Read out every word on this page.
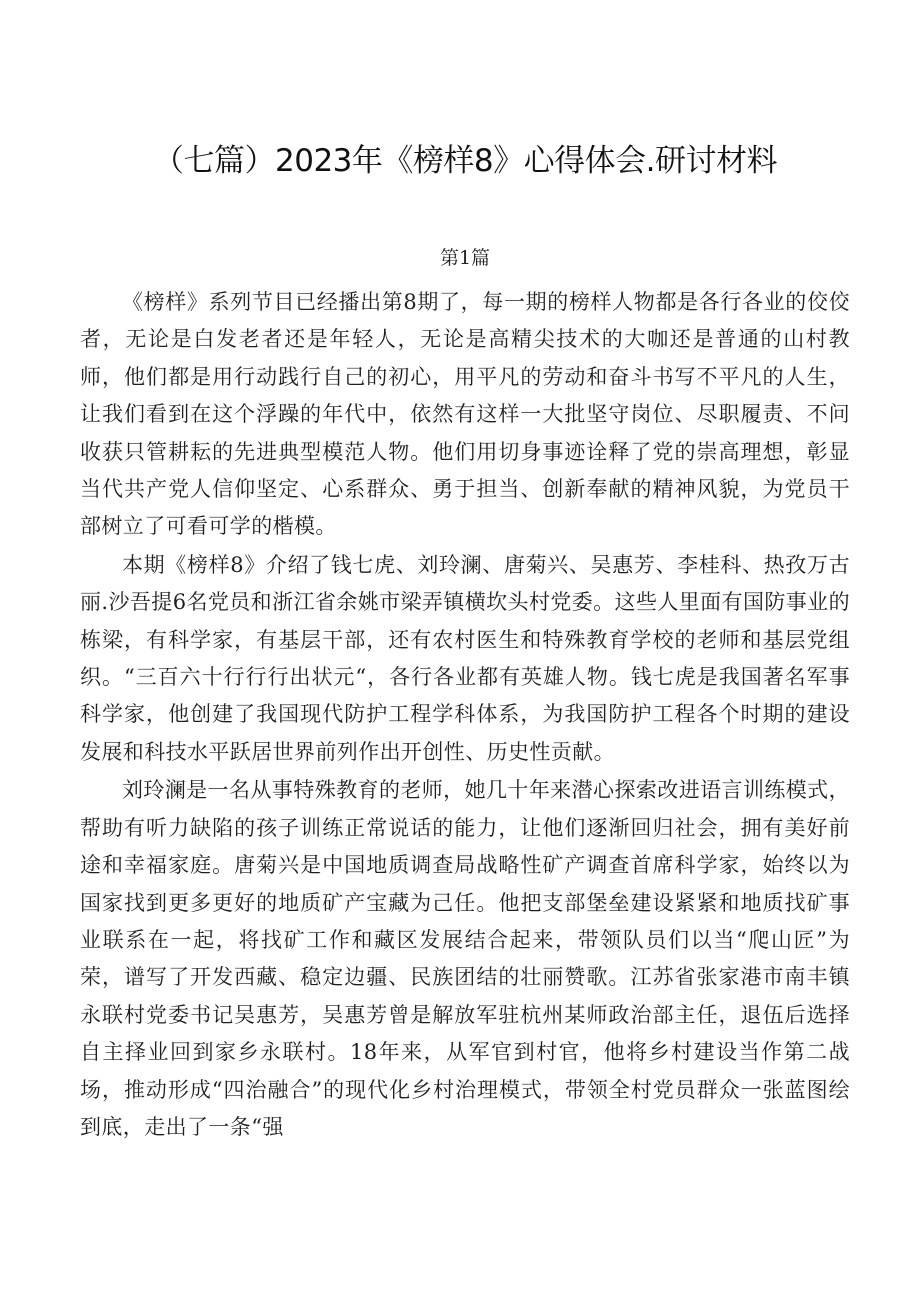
（七篇）2023年《榜样8》心得体会.研讨材料
第1篇

《榜样》系列节目已经播出第8期了，每一期的榜样人物都是各行各业的佼佼者，无论是白发老者还是年轻人，无论是高精尖技术的大咖还是普通的山村教师，他们都是用行动践行自己的初心，用平凡的劳动和奋斗书写不平凡的人生，让我们看到在这个浮躁的年代中，依然有这样一大批坚守岗位、尽职履责、不问收获只管耕耘的先进典型模范人物。他们用切身事迹诠释了党的崇高理想，彰显当代共产党人信仰坚定、心系群众、勇于担当、创新奉献的精神风貌，为党员干部树立了可看可学的楷模。

本期《榜样8》介绍了钱七虎、刘玲澜、唐菊兴、吴惠芳、李桂科、热孜万古丽.沙吾提6名党员和浙江省余姚市梁弄镇横坎头村党委。这些人里面有国防事业的栋梁，有科学家，有基层干部，还有农村医生和特殊教育学校的老师和基层党组织。“三百六十行行行出状元“，各行各业都有英雄人物。钱七虎是我国著名军事科学家，他创建了我国现代防护工程学科体系，为我国防护工程各个时期的建设发展和科技水平跃居世界前列作出开创性、历史性贡献。

刘玲澜是一名从事特殊教育的老师，她几十年来潜心探索改进语言训练模式，帮助有听力缺陷的孩子训练正常说话的能力，让他们逐渐回归社会，拥有美好前途和幸福家庭。唐菊兴是中国地质调查局战略性矿产调查首席科学家，始终以为国家找到更多更好的地质矿产宝藏为己任。他把支部堡垒建设紧紧和地质找矿事业联系在一起，将找矿工作和藏区发展结合起来，带领队员们以当“爬山匠”为荣，谱写了开发西藏、稳定边疆、民族团结的壮丽赞歌。江苏省张家港市南丰镇永联村党委书记吴惠芳，吴惠芳曾是解放军驻杭州某师政治部主任，退伍后选择自主择业回到家乡永联村。18年来，从军官到村官，他将乡村建设当作第二战场，推动形成“四治融合”的现代化乡村治理模式，带领全村党员群众一张蓝图绘到底，走出了一条“强
